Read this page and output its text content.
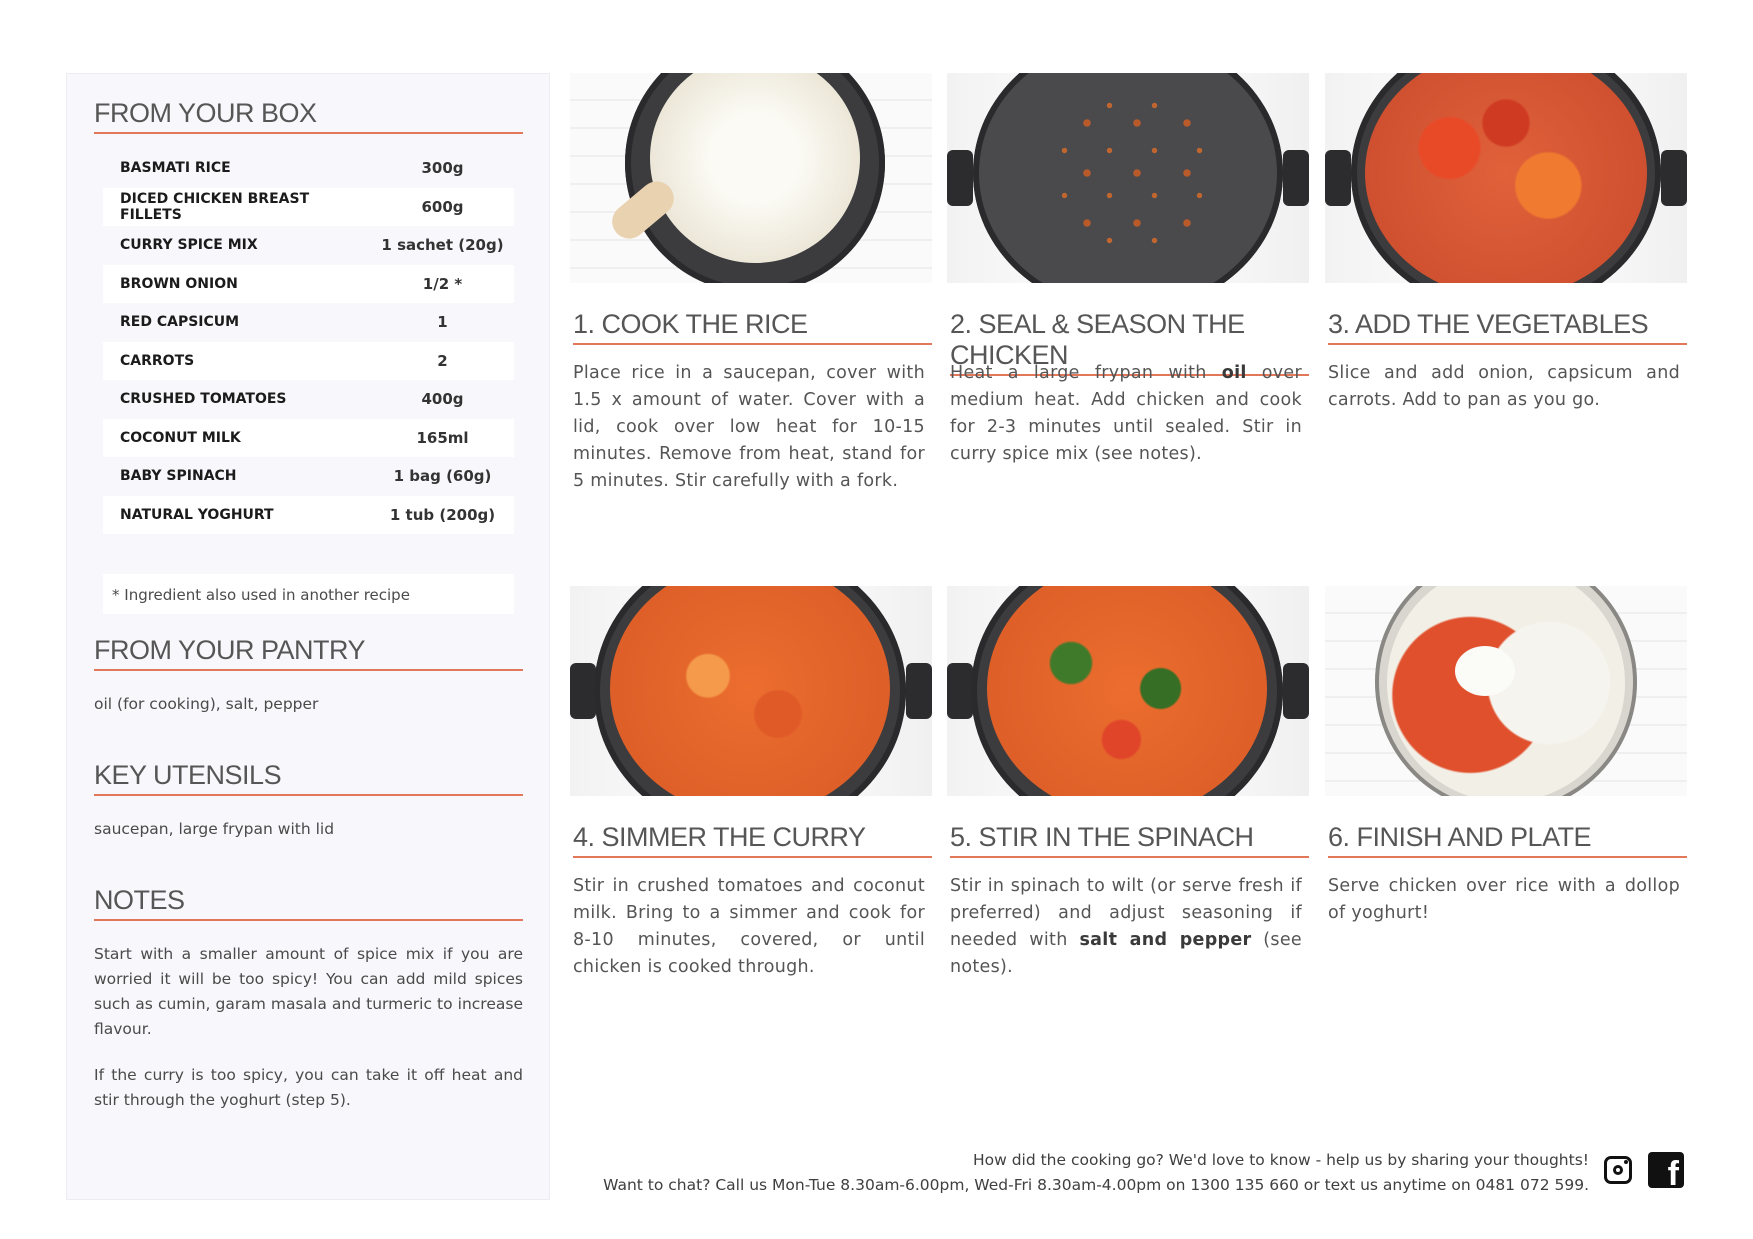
FROM YOUR BOX
BASMATI RICE	300g
DICED CHICKEN BREAST FILLETS	600g
CURRY SPICE MIX	1 sachet (20g)
BROWN ONION	1/2 *
RED CAPSICUM	1
CARROTS	2
CRUSHED TOMATOES	400g
COCONUT MILK	165ml
BABY SPINACH	1 bag (60g)
NATURAL YOGHURT	1 tub (200g)
* Ingredient also used in another recipe
FROM YOUR PANTRY
oil (for cooking), salt, pepper
KEY UTENSILS
saucepan, large frypan with lid
NOTES

Start with a smaller amount of spice mix if you are worried it will be too spicy! You can add mild spices such as cumin, garam masala and turmeric to increase flavour.

If the curry is too spicy, you can take it off heat and stir through the yoghurt (step 5).

1. COOK THE RICE
Place rice in a saucepan, cover with 1.5 x amount of water. Cover with a lid, cook over low heat for 10-15 minutes. Remove from heat, stand for 5 minutes. Stir carefully with a fork.
2. SEAL & SEASON THE CHICKEN
Heat a large frypan with oil over medium heat. Add chicken and cook for 2-3 minutes until sealed. Stir in curry spice mix (see notes).
3. ADD THE VEGETABLES
Slice and add onion, capsicum and carrots. Add to pan as you go.
4. SIMMER THE CURRY
Stir in crushed tomatoes and coconut milk. Bring to a simmer and cook for 8-10 minutes, covered, or until chicken is cooked through.
5. STIR IN THE SPINACH
Stir in spinach to wilt (or serve fresh if preferred) and adjust seasoning if needed with salt and pepper (see notes).
6. FINISH AND PLATE
Serve chicken over rice with a dollop of yoghurt!
How did the cooking go? We'd love to know - help us by sharing your thoughts!
Want to chat? Call us Mon-Tue 8.30am-6.00pm, Wed-Fri 8.30am-4.00pm on 1300 135 660 or text us anytime on 0481 072 599. f
